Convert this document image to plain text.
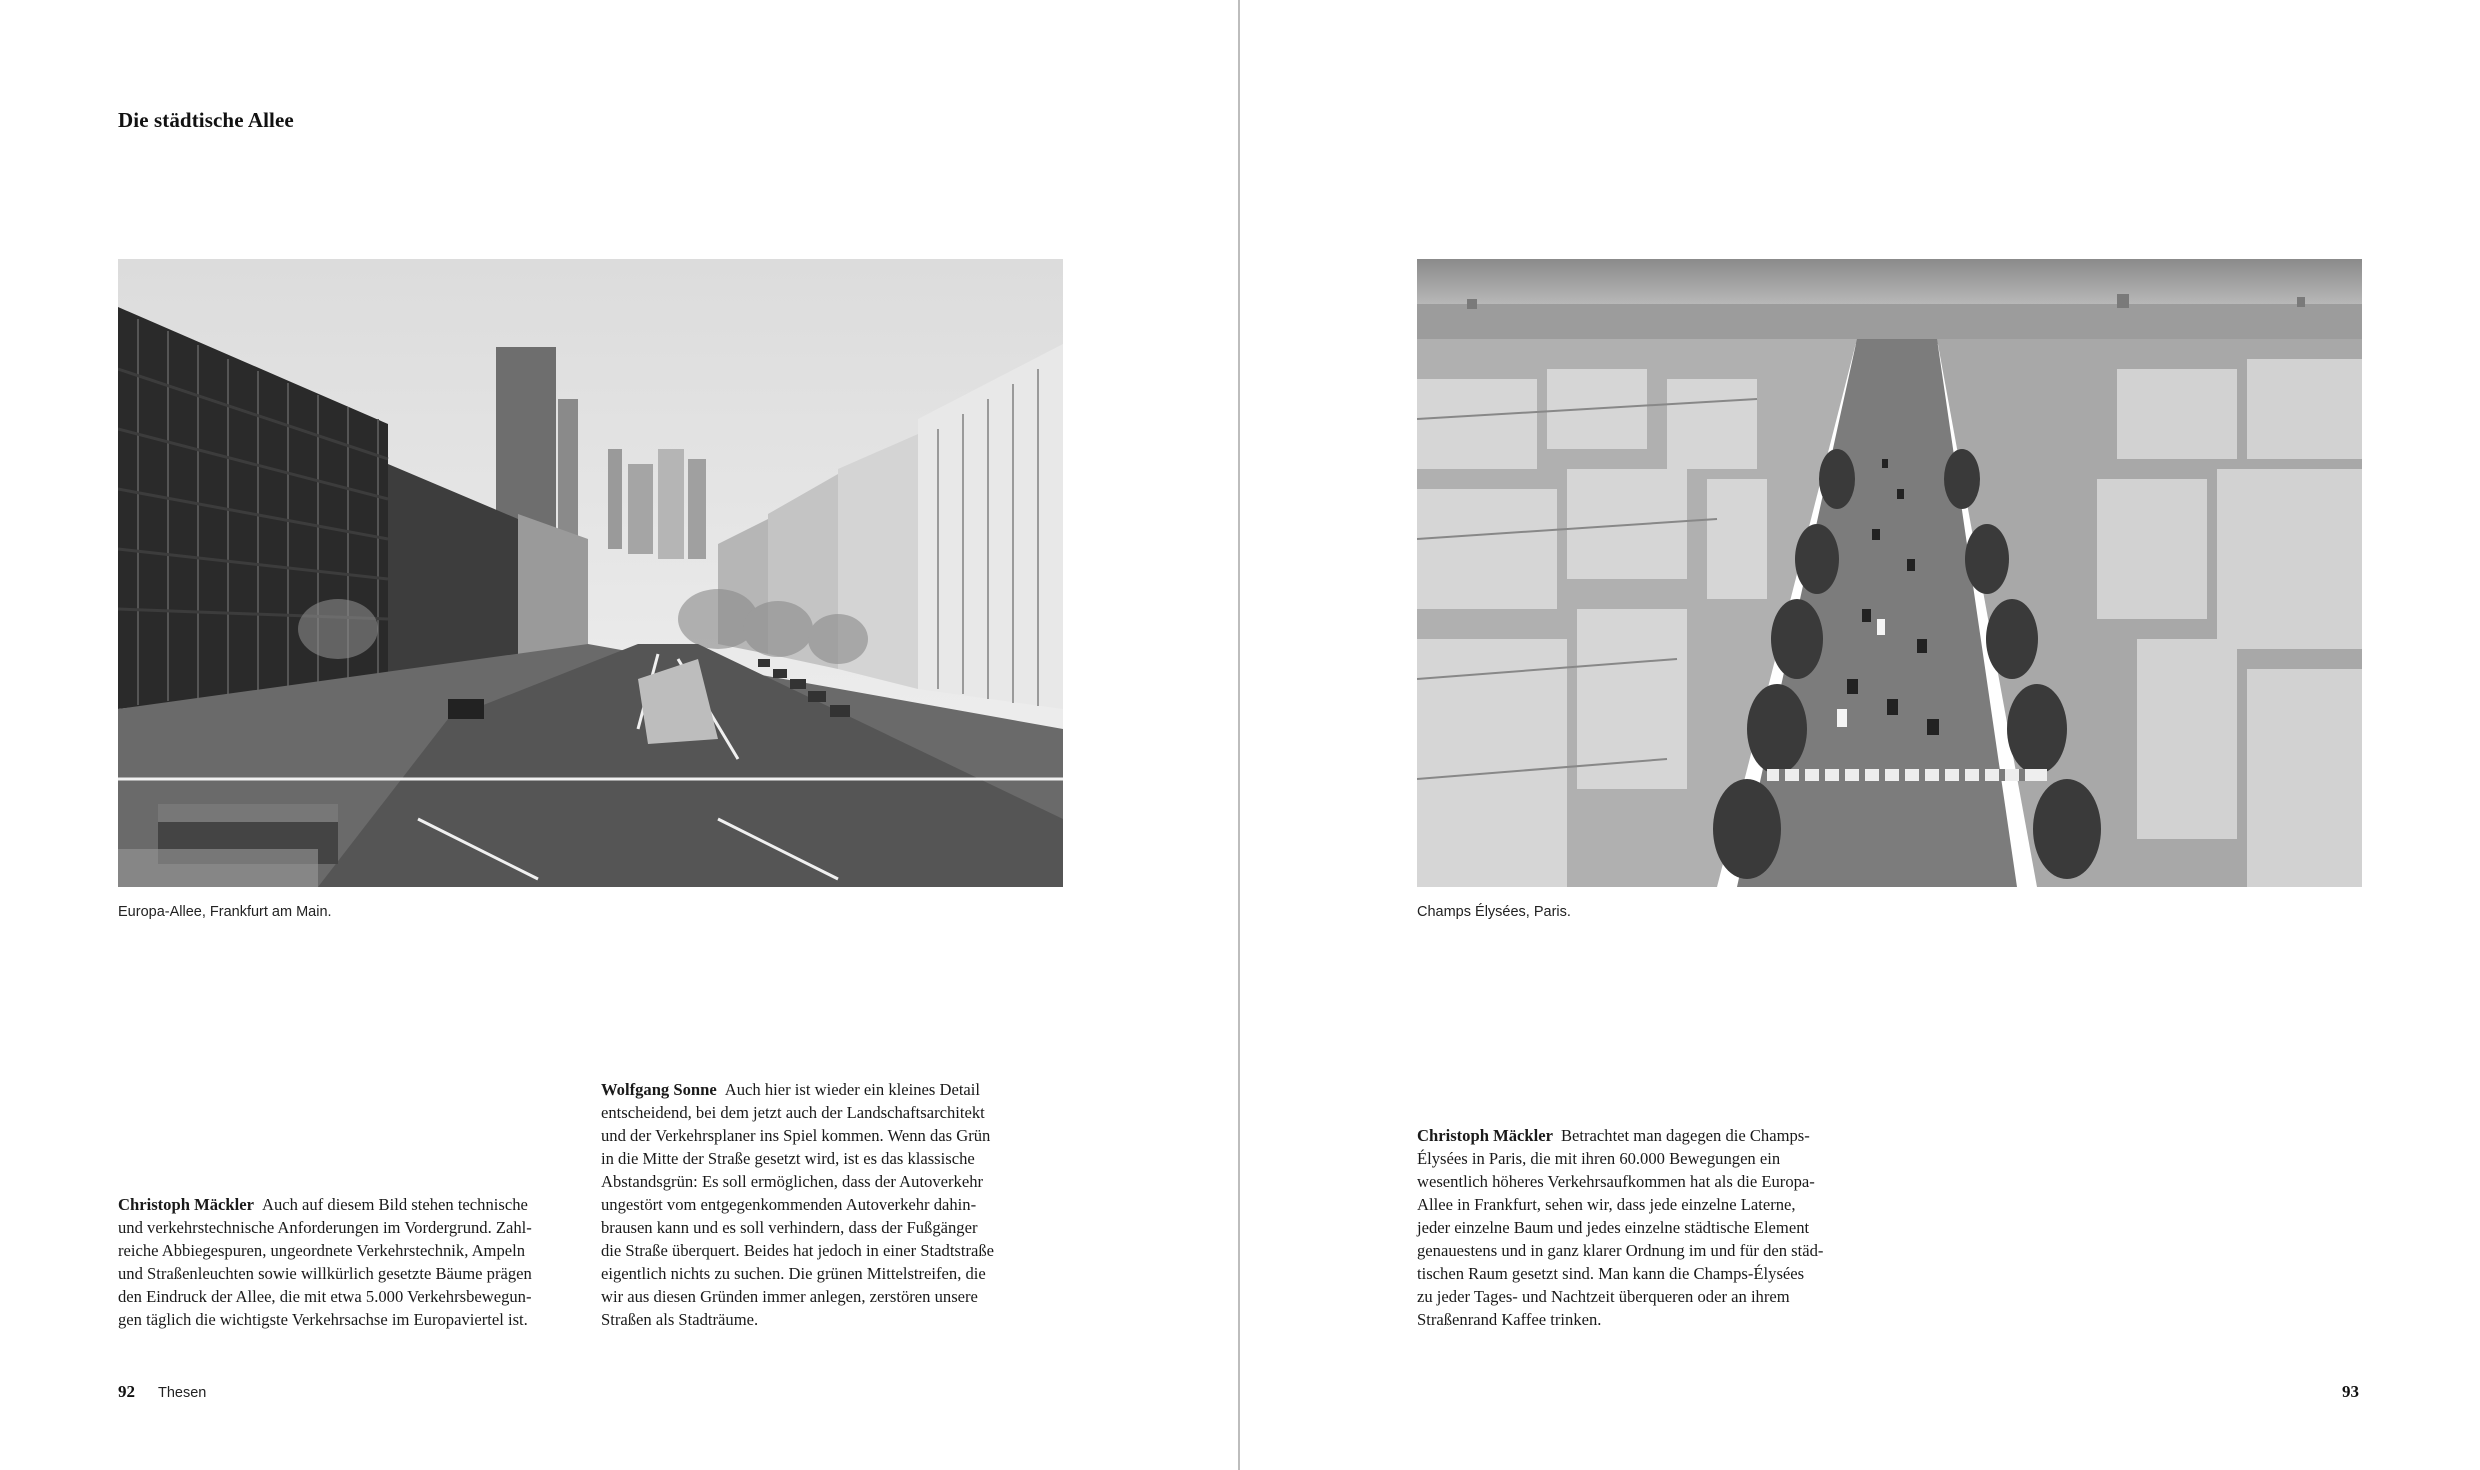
Die städtische Allee
Europa-Allee, Frankfurt am Main.

Christoph Mäckler Auch auf diesem Bild stehen technische
und verkehrstechnische Anforderungen im Vordergrund. Zahl-
reiche Abbiegespuren, ungeordnete Verkehrstechnik, Ampeln
und Straßenleuchten sowie willkürlich gesetzte Bäume prägen
den Eindruck der Allee, die mit etwa 5.000 Verkehrsbewegun-
gen täglich die wichtigste Verkehrsachse im Europaviertel ist.

Wolfgang Sonne Auch hier ist wieder ein kleines Detail
entscheidend, bei dem jetzt auch der Landschaftsarchitekt
und der Verkehrsplaner ins Spiel kommen. Wenn das Grün
in die Mitte der Straße gesetzt wird, ist es das klassische
Abstandsgrün: Es soll ermöglichen, dass der Autoverkehr
ungestört vom entgegenkommenden Autoverkehr dahin-
brausen kann und es soll verhindern, dass der Fußgänger
die Straße überquert. Beides hat jedoch in einer Stadtstraße
eigentlich nichts zu suchen. Die grünen Mittelstreifen, die
wir aus diesen Gründen immer anlegen, zerstören unsere
Straßen als Stadträume.

92 Thesen
Champs Élysées, Paris.

Christoph Mäckler Betrachtet man dagegen die Champs-
Élysées in Paris, die mit ihren 60.000 Bewegungen ein
wesentlich höheres Verkehrsaufkommen hat als die Europa-
Allee in Frankfurt, sehen wir, dass jede einzelne Laterne,
jeder einzelne Baum und jedes einzelne städtische Element
genauestens und in ganz klarer Ordnung im und für den städ-
tischen Raum gesetzt sind. Man kann die Champs-Élysées
zu jeder Tages- und Nachtzeit überqueren oder an ihrem
Straßenrand Kaffee trinken.

93
